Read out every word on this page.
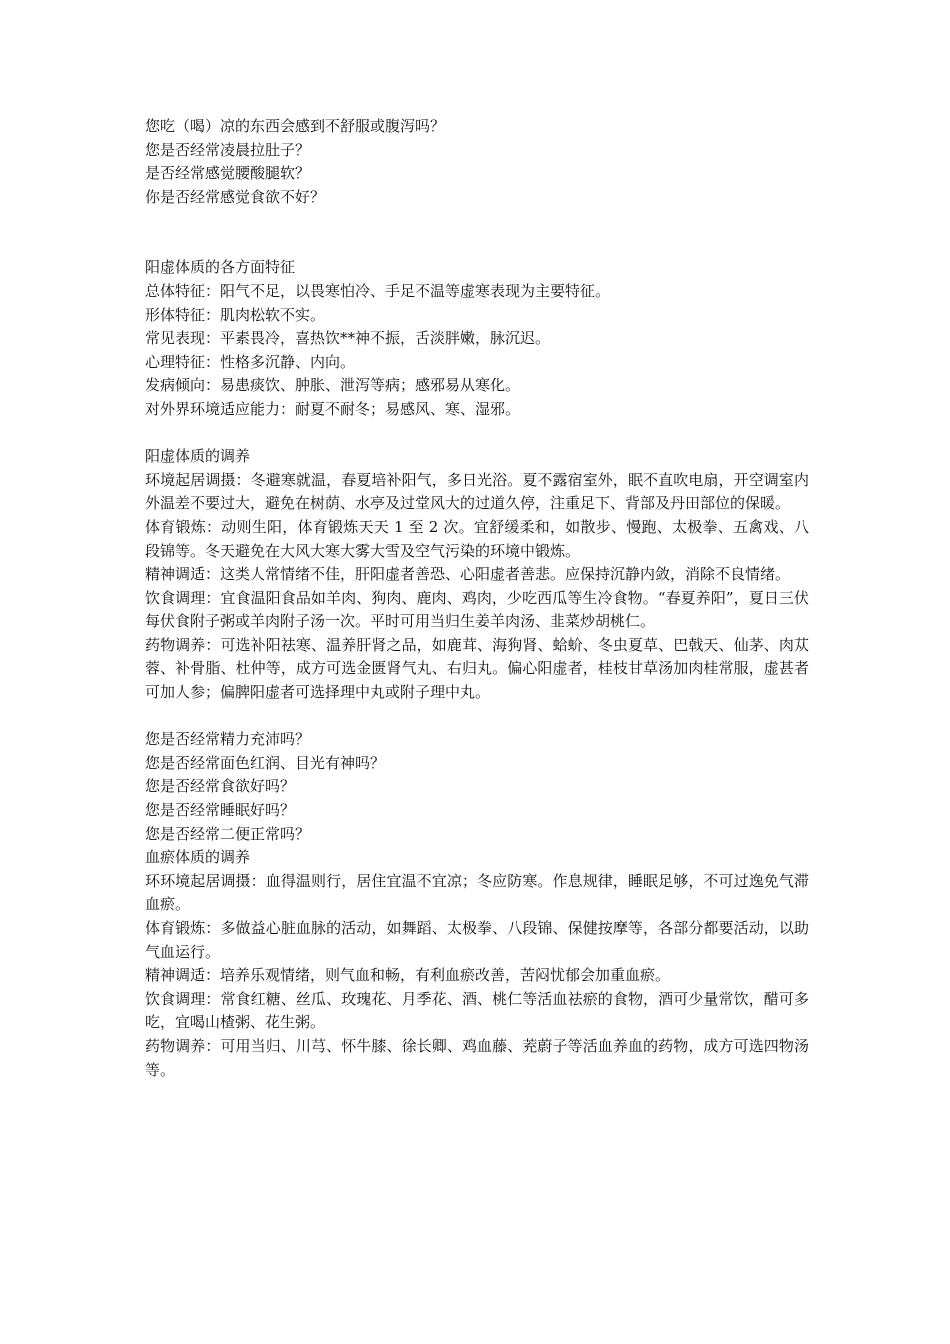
您吃（喝）凉的东西会感到不舒服或腹泻吗？

您是否经常凌晨拉肚子？

是否经常感觉腰酸腿软？

你是否经常感觉食欲不好？

阳虚体质的各方面特征

总体特征：阳气不足，以畏寒怕冷、手足不温等虚寒表现为主要特征。

形体特征：肌肉松软不实。

常见表现：平素畏冷，喜热饮**神不振，舌淡胖嫩，脉沉迟。

心理特征：性格多沉静、内向。

发病倾向：易患痰饮、肿胀、泄泻等病；感邪易从寒化。

对外界环境适应能力：耐夏不耐冬；易感风、寒、湿邪。

阳虚体质的调养

环境起居调摄：冬避寒就温，春夏培补阳气，多日光浴。夏不露宿室外，眠不直吹电扇，开空调室内外温差不要过大，避免在树荫、水亭及过堂风大的过道久停，注重足下、背部及丹田部位的保暖。

体育锻炼：动则生阳，体育锻炼天天 1 至 2 次。宜舒缓柔和，如散步、慢跑、太极拳、五禽戏、八段锦等。冬天避免在大风大寒大雾大雪及空气污染的环境中锻炼。

精神调适：这类人常情绪不佳，肝阳虚者善恐、心阳虚者善悲。应保持沉静内敛，消除不良情绪。

饮食调理：宜食温阳食品如羊肉、狗肉、鹿肉、鸡肉，少吃西瓜等生冷食物。“春夏养阳”，夏日三伏每伏食附子粥或羊肉附子汤一次。平时可用当归生姜羊肉汤、韭菜炒胡桃仁。

药物调养：可选补阳祛寒、温养肝肾之品，如鹿茸、海狗肾、蛤蚧、冬虫夏草、巴戟天、仙茅、肉苁蓉、补骨脂、杜仲等，成方可选金匮肾气丸、右归丸。偏心阳虚者，桂枝甘草汤加肉桂常服，虚甚者可加人参；偏脾阳虚者可选择理中丸或附子理中丸。

您是否经常精力充沛吗？

您是否经常面色红润、目光有神吗？

您是否经常食欲好吗？

您是否经常睡眠好吗？

您是否经常二便正常吗？

血瘀体质的调养

环环境起居调摄：血得温则行，居住宜温不宜凉；冬应防寒。作息规律，睡眠足够，不可过逸免气滞血瘀。

体育锻炼：多做益心脏血脉的活动，如舞蹈、太极拳、八段锦、保健按摩等，各部分都要活动，以助气血运行。

精神调适：培养乐观情绪，则气血和畅，有利血瘀改善，苦闷忧郁会加重血瘀。

饮食调理：常食红糖、丝瓜、玫瑰花、月季花、酒、桃仁等活血祛瘀的食物，酒可少量常饮，醋可多吃，宜喝山楂粥、花生粥。

药物调养：可用当归、川芎、怀牛膝、徐长卿、鸡血藤、茺蔚子等活血养血的药物，成方可选四物汤等。
